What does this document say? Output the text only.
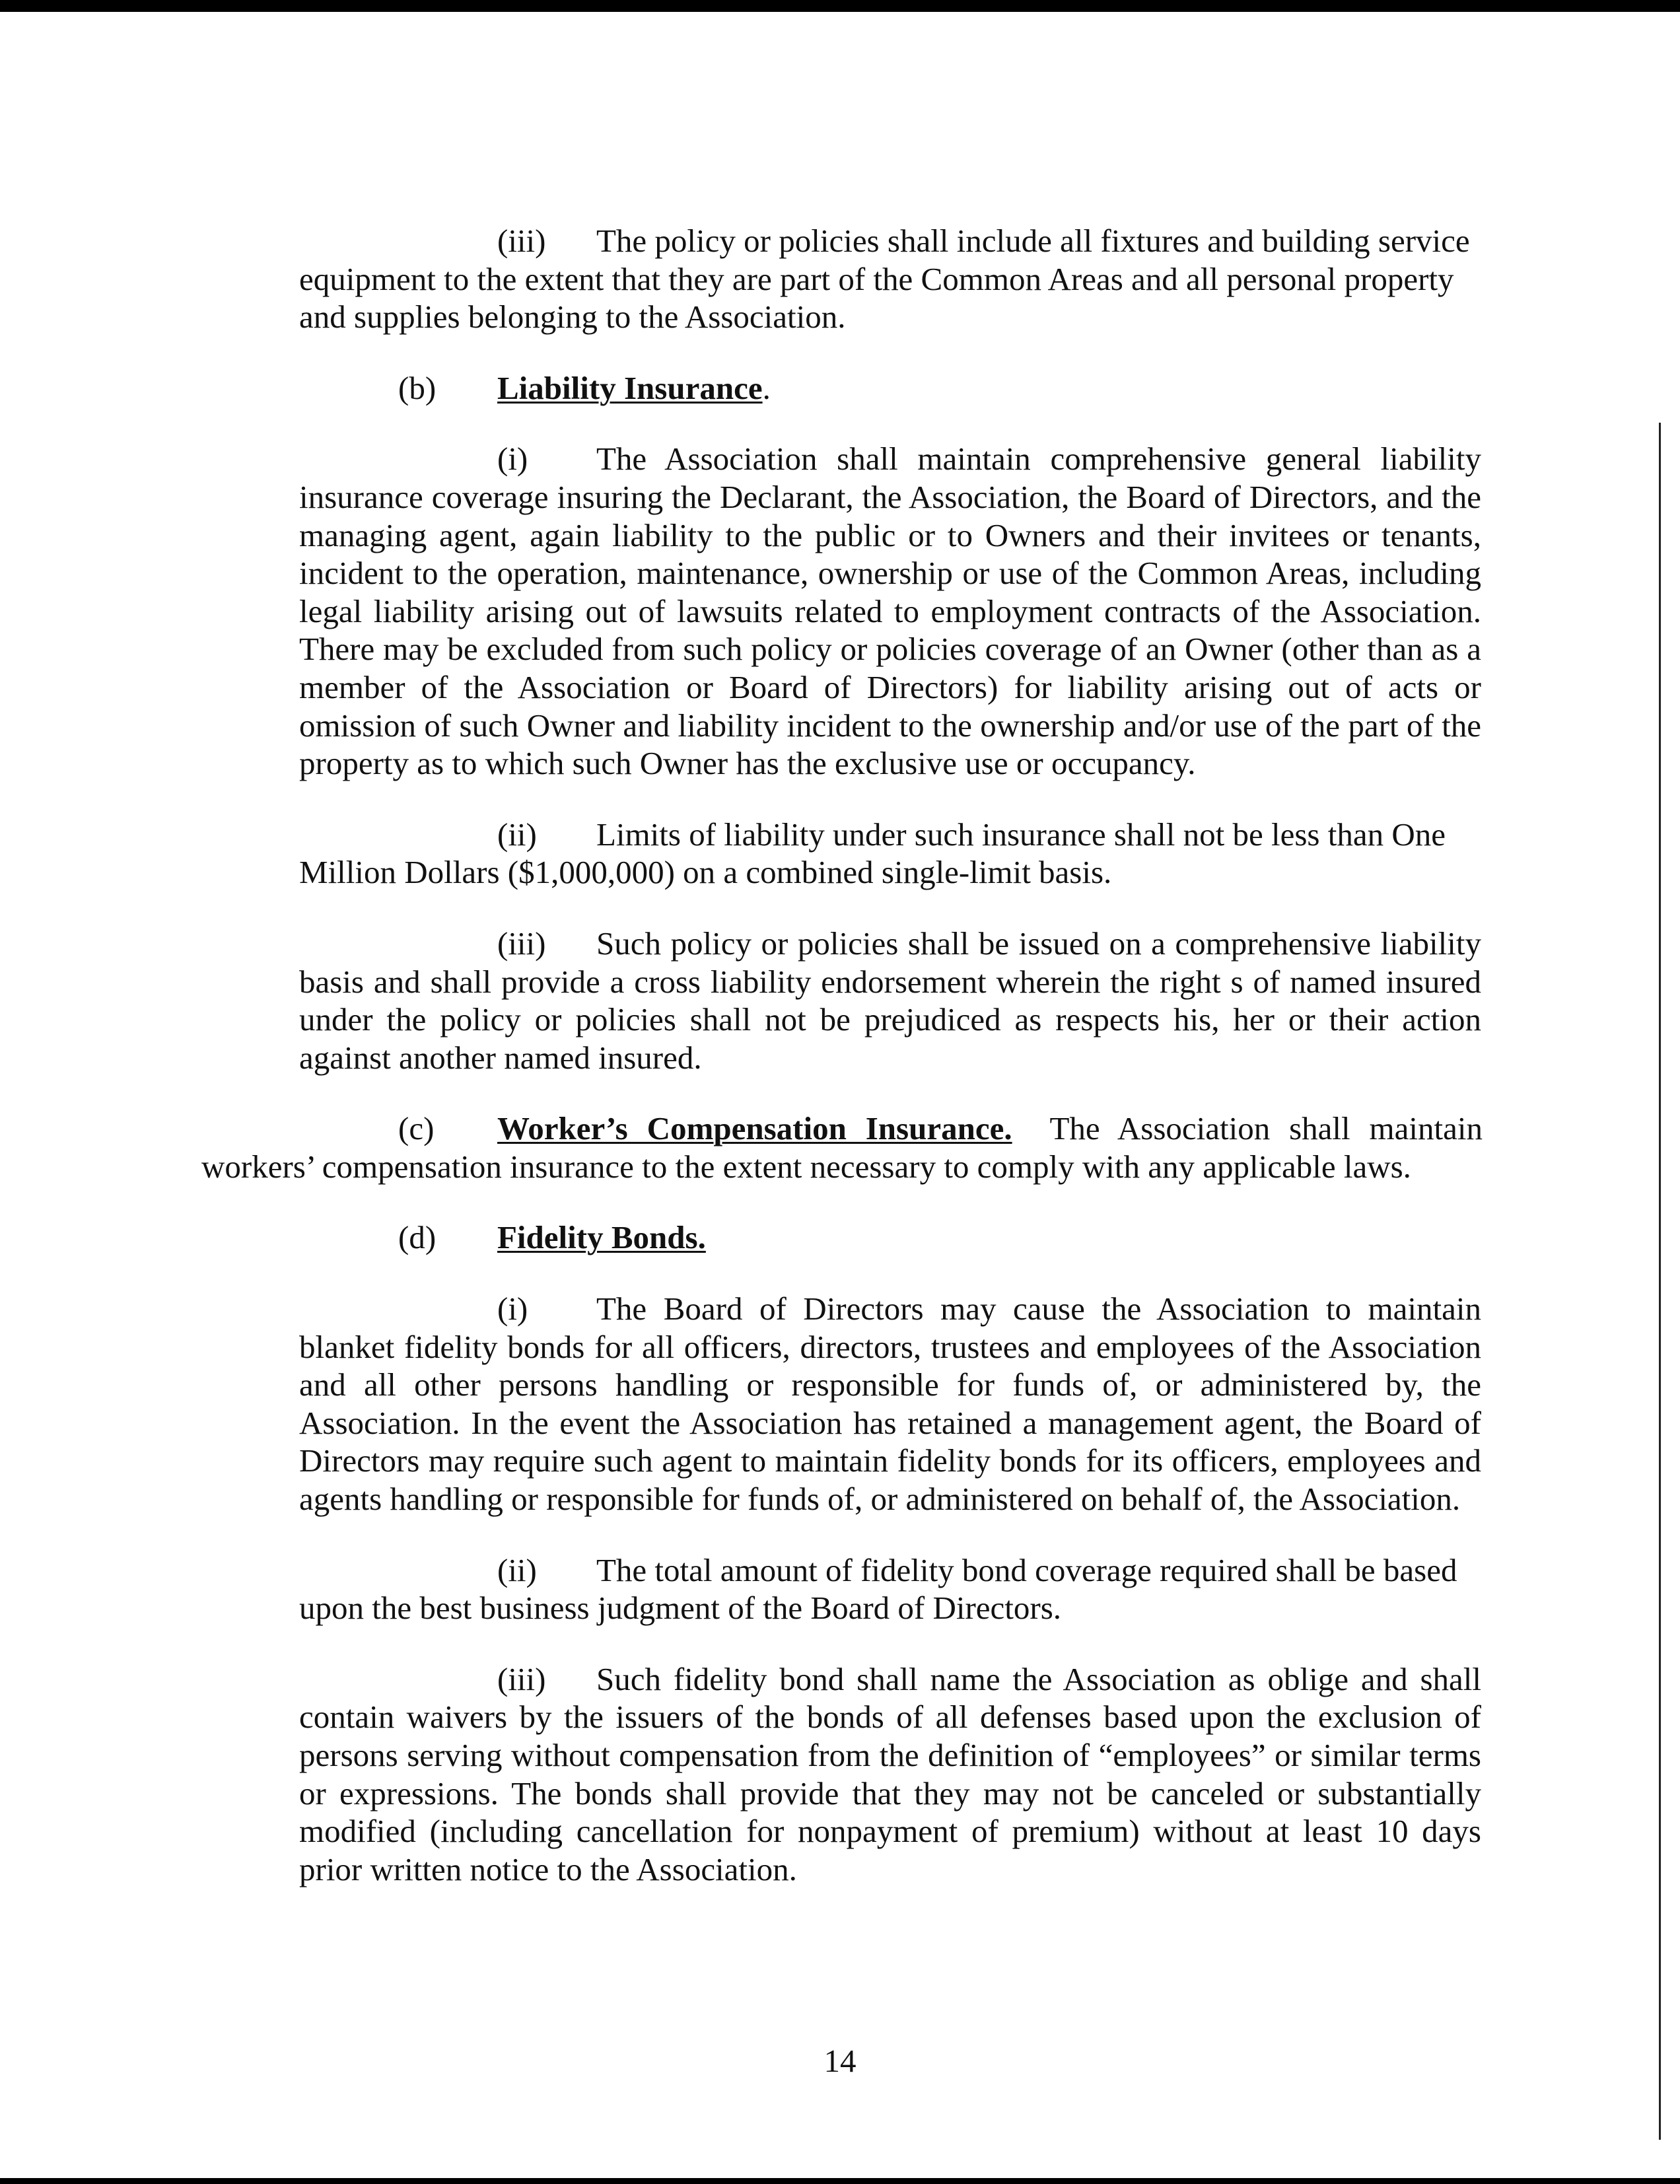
(iii) The policy or policies shall include all fixtures and building service equipment to the extent that they are part of the Common Areas and all personal property and supplies belonging to the Association.

(b) Liability Insurance.

(i) The Association shall maintain comprehensive general liability insurance coverage insuring the Declarant, the Association, the Board of Directors, and the managing agent, again liability to the public or to Owners and their invitees or tenants, incident to the operation, maintenance, ownership or use of the Common Areas, including legal liability arising out of lawsuits related to employment contracts of the Association. There may be excluded from such policy or policies coverage of an Owner (other than as a member of the Association or Board of Directors) for liability arising out of acts or omission of such Owner and liability incident to the ownership and/or use of the part of the property as to which such Owner has the exclusive use or occupancy.

(ii) Limits of liability under such insurance shall not be less than One Million Dollars ($1,000,000) on a combined single-limit basis.

(iii) Such policy or policies shall be issued on a comprehensive liability basis and shall provide a cross liability endorsement wherein the right s of named insured under the policy or policies shall not be prejudiced as respects his, her or their action against another named insured.

(c) Worker’s Compensation Insurance. The Association shall maintain workers’ compensation insurance to the extent necessary to comply with any applicable laws.

(d) Fidelity Bonds.

(i) The Board of Directors may cause the Association to maintain blanket fidelity bonds for all officers, directors, trustees and employees of the Association and all other persons handling or responsible for funds of, or administered by, the Association. In the event the Association has retained a management agent, the Board of Directors may require such agent to maintain fidelity bonds for its officers, employees and agents handling or responsible for funds of, or administered on behalf of, the Association.

(ii) The total amount of fidelity bond coverage required shall be based upon the best business judgment of the Board of Directors.

(iii) Such fidelity bond shall name the Association as oblige and shall contain waivers by the issuers of the bonds of all defenses based upon the exclusion of persons serving without compensation from the definition of “employees” or similar terms or expressions. The bonds shall provide that they may not be canceled or substantially modified (including cancellation for nonpayment of premium) without at least 10 days prior written notice to the Association.

14
